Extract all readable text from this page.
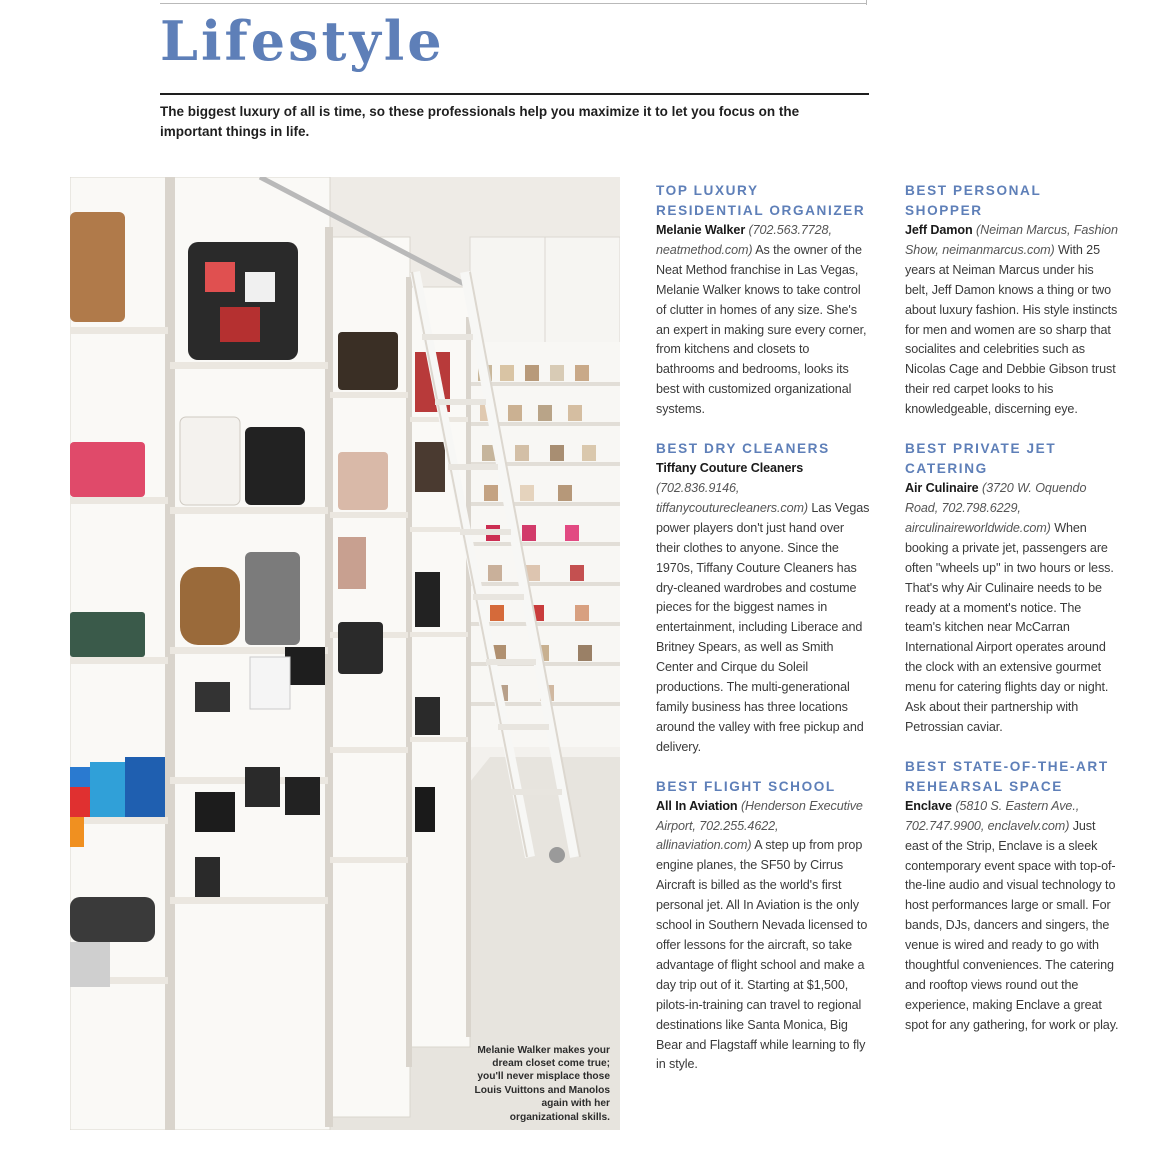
Lifestyle

The biggest luxury of all is time, so these professionals help you maximize it to let you focus on the important things in life.

Melanie Walker makes your dream closet come true; you'll never misplace those Louis Vuittons and Manolos again with her organizational skills.

TOP LUXURY RESIDENTIAL ORGANIZER

Melanie Walker (702.563.7728, neatmethod.com) As the owner of the Neat Method franchise in Las Vegas, Melanie Walker knows to take control of clutter in homes of any size. She's an expert in making sure every corner, from kitchens and closets to bathrooms and bedrooms, looks its best with customized organizational systems.

BEST DRY CLEANERS

Tiffany Couture Cleaners (702.836.9146, tiffanycouturecleaners.com) Las Vegas power players don't just hand over their clothes to anyone. Since the 1970s, Tiffany Couture Cleaners has dry-cleaned wardrobes and costume pieces for the biggest names in entertainment, including Liberace and Britney Spears, as well as Smith Center and Cirque du Soleil productions. The multi-generational family business has three locations around the valley with free pickup and delivery.

BEST FLIGHT SCHOOL

All In Aviation (Henderson Executive Airport, 702.255.4622, allinaviation.com) A step up from prop engine planes, the SF50 by Cirrus Aircraft is billed as the world's first personal jet. All In Aviation is the only school in Southern Nevada licensed to offer lessons for the aircraft, so take advantage of flight school and make a day trip out of it. Starting at $1,500, pilots-in-training can travel to regional destinations like Santa Monica, Big Bear and Flagstaff while learning to fly in style.

BEST PERSONAL SHOPPER

Jeff Damon (Neiman Marcus, Fashion Show, neimanmarcus.com) With 25 years at Neiman Marcus under his belt, Jeff Damon knows a thing or two about luxury fashion. His style instincts for men and women are so sharp that socialites and celebrities such as Nicolas Cage and Debbie Gibson trust their red carpet looks to his knowledgeable, discerning eye.

BEST PRIVATE JET CATERING

Air Culinaire (3720 W. Oquendo Road, 702.798.6229, airculinaireworldwide.com) When booking a private jet, passengers are often "wheels up" in two hours or less. That's why Air Culinaire needs to be ready at a moment's notice. The team's kitchen near McCarran International Airport operates around the clock with an extensive gourmet menu for catering flights day or night. Ask about their partnership with Petrossian caviar.

BEST STATE-OF-THE-ART REHEARSAL SPACE

Enclave (5810 S. Eastern Ave., 702.747.9900, enclavelv.com) Just east of the Strip, Enclave is a sleek contemporary event space with top-of-the-line audio and visual technology to host performances large or small. For bands, DJs, dancers and singers, the venue is wired and ready to go with thoughtful conveniences. The catering and rooftop views round out the experience, making Enclave a great spot for any gathering, for work or play.
